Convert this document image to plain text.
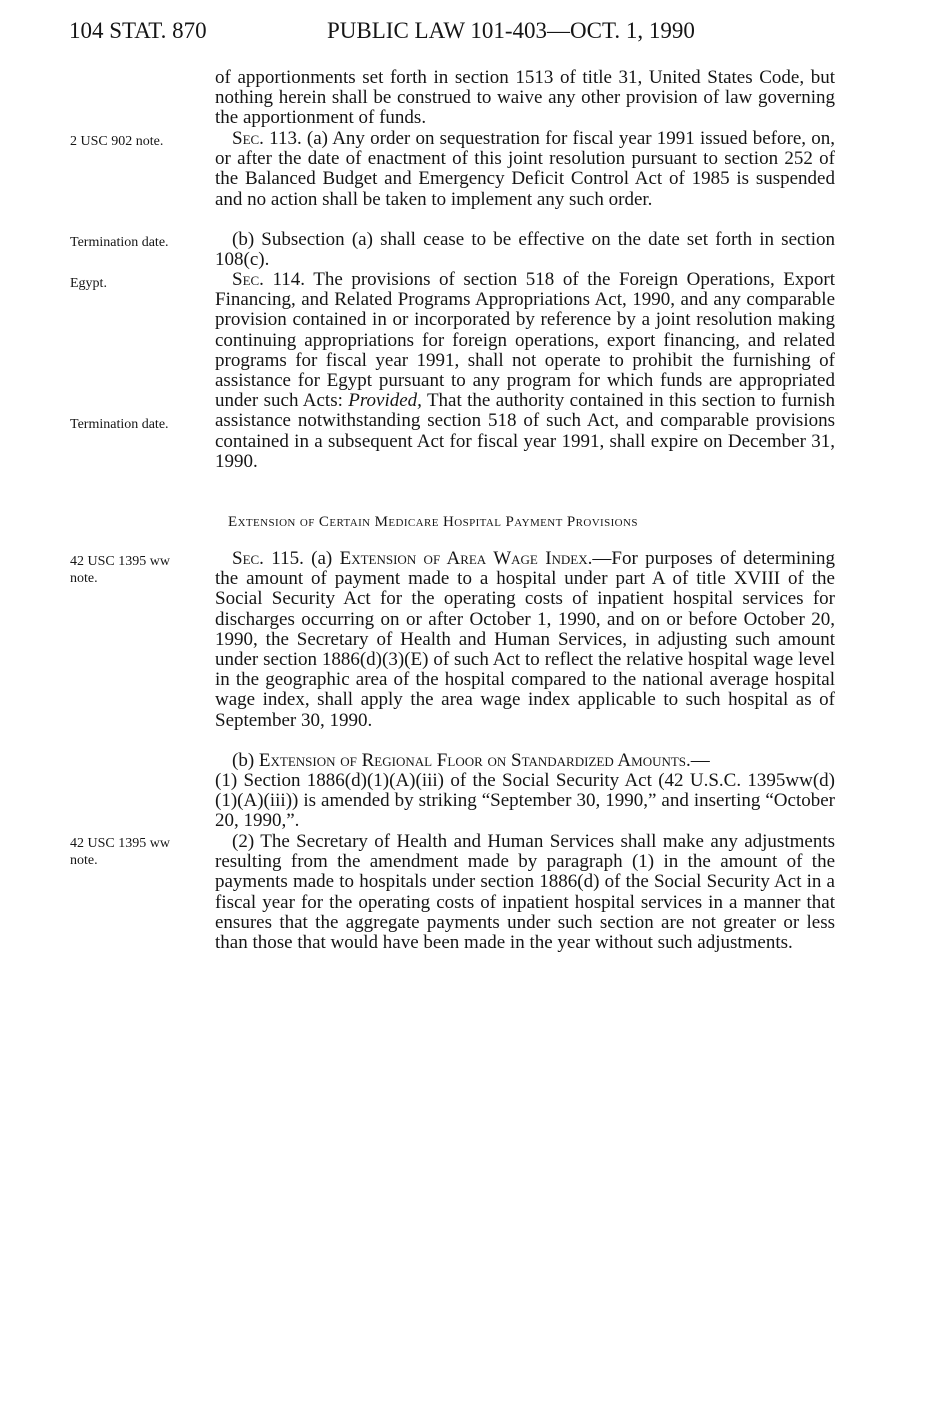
104 STAT. 870	PUBLIC LAW 101-403—OCT. 1, 1990
2 USC 902 note.
Termination date.
Egypt.
Termination date.
42 USC 1395 ww note.
42 USC 1395 ww note.

of apportionments set forth in section 1513 of title 31, United States Code, but nothing herein shall be construed to waive any other provision of law governing the apportionment of funds.

Sec. 113. (a) Any order on sequestration for fiscal year 1991 issued before, on, or after the date of enactment of this joint resolution pursuant to section 252 of the Balanced Budget and Emergency Deficit Control Act of 1985 is suspended and no action shall be taken to implement any such order.

(b) Subsection (a) shall cease to be effective on the date set forth in section 108(c).

Sec. 114. The provisions of section 518 of the Foreign Operations, Export Financing, and Related Programs Appropriations Act, 1990, and any comparable provision contained in or incorporated by reference by a joint resolution making continuing appropriations for foreign operations, export financing, and related programs for fiscal year 1991, shall not operate to prohibit the furnishing of assistance for Egypt pursuant to any program for which funds are appropriated under such Acts: Provided, That the authority contained in this section to furnish assistance notwithstanding section 518 of such Act, and comparable provisions contained in a subsequent Act for fiscal year 1991, shall expire on December 31, 1990.

Extension of Certain Medicare Hospital Payment Provisions

Sec. 115. (a) Extension of Area Wage Index.—For purposes of determining the amount of payment made to a hospital under part A of title XVIII of the Social Security Act for the operating costs of inpatient hospital services for discharges occurring on or after October 1, 1990, and on or before October 20, 1990, the Secretary of Health and Human Services, in adjusting such amount under section 1886(d)(3)(E) of such Act to reflect the relative hospital wage level in the geographic area of the hospital compared to the national average hospital wage index, shall apply the area wage index applicable to such hospital as of September 30, 1990.

(b) Extension of Regional Floor on Standardized Amounts.—

(1) Section 1886(d)(1)(A)(iii) of the Social Security Act (42 U.S.C. 1395ww(d)(1)(A)(iii)) is amended by striking “September 30, 1990,” and inserting “October 20, 1990,”.

(2) The Secretary of Health and Human Services shall make any adjustments resulting from the amendment made by paragraph (1) in the amount of the payments made to hospitals under section 1886(d) of the Social Security Act in a fiscal year for the operating costs of inpatient hospital services in a manner that ensures that the aggregate payments under such section are not greater or less than those that would have been made in the year without such adjustments.
